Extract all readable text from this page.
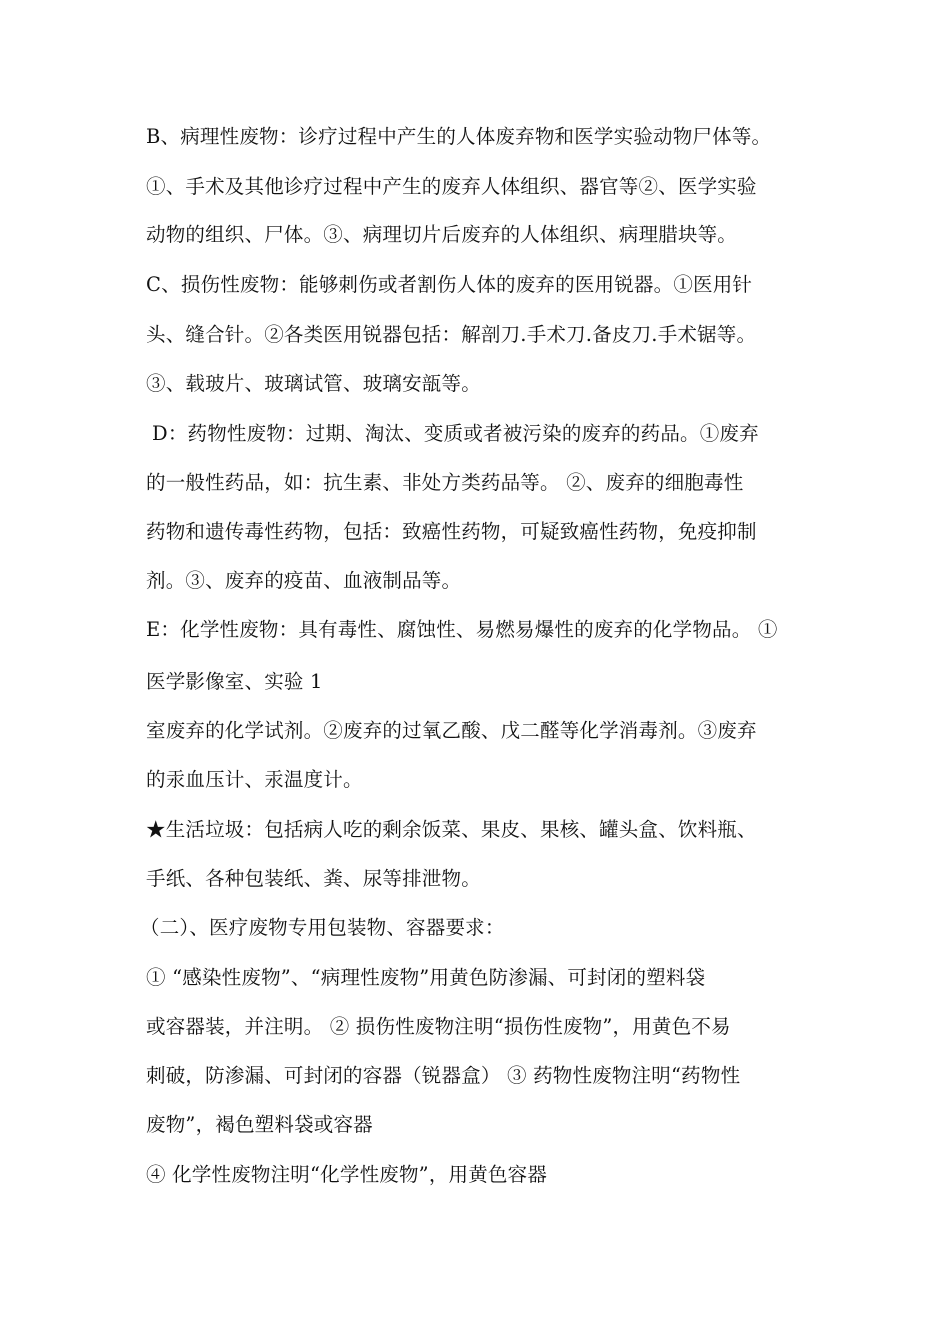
B、病理性废物：诊疗过程中产生的人体废弃物和医学实验动物尸体等。
①、手术及其他诊疗过程中产生的废弃人体组织、器官等②、医学实验
动物的组织、尸体。③、病理切片后废弃的人体组织、病理腊块等。
C、损伤性废物：能够刺伤或者割伤人体的废弃的医用锐器。①医用针
头、缝合针。②各类医用锐器包括：解剖刀.手术刀.备皮刀.手术锯等。
③、载玻片、玻璃试管、玻璃安瓿等。
D：药物性废物：过期、淘汰、变质或者被污染的废弃的药品。①废弃
的一般性药品，如：抗生素、非处方类药品等。 ②、废弃的细胞毒性
药物和遗传毒性药物，包括：致癌性药物，可疑致癌性药物，免疫抑制
剂。③、废弃的疫苗、血液制品等。
E：化学性废物：具有毒性、腐蚀性、易燃易爆性的废弃的化学物品。 ①
医学影像室、实验 1
室废弃的化学试剂。②废弃的过氧乙酸、戊二醛等化学消毒剂。③废弃
的汞血压计、汞温度计。
★生活垃圾：包括病人吃的剩余饭菜、果皮、果核、罐头盒、饮料瓶、
手纸、各种包装纸、粪、尿等排泄物。
（二）、医疗废物专用包装物、容器要求：
① “感染性废物”、“病理性废物”用黄色防渗漏、可封闭的塑料袋
或容器装，并注明。 ② 损伤性废物注明“损伤性废物”，用黄色不易
刺破，防渗漏、可封闭的容器（锐器盒） ③ 药物性废物注明“药物性
废物”，褐色塑料袋或容器
④ 化学性废物注明“化学性废物”，用黄色容器
